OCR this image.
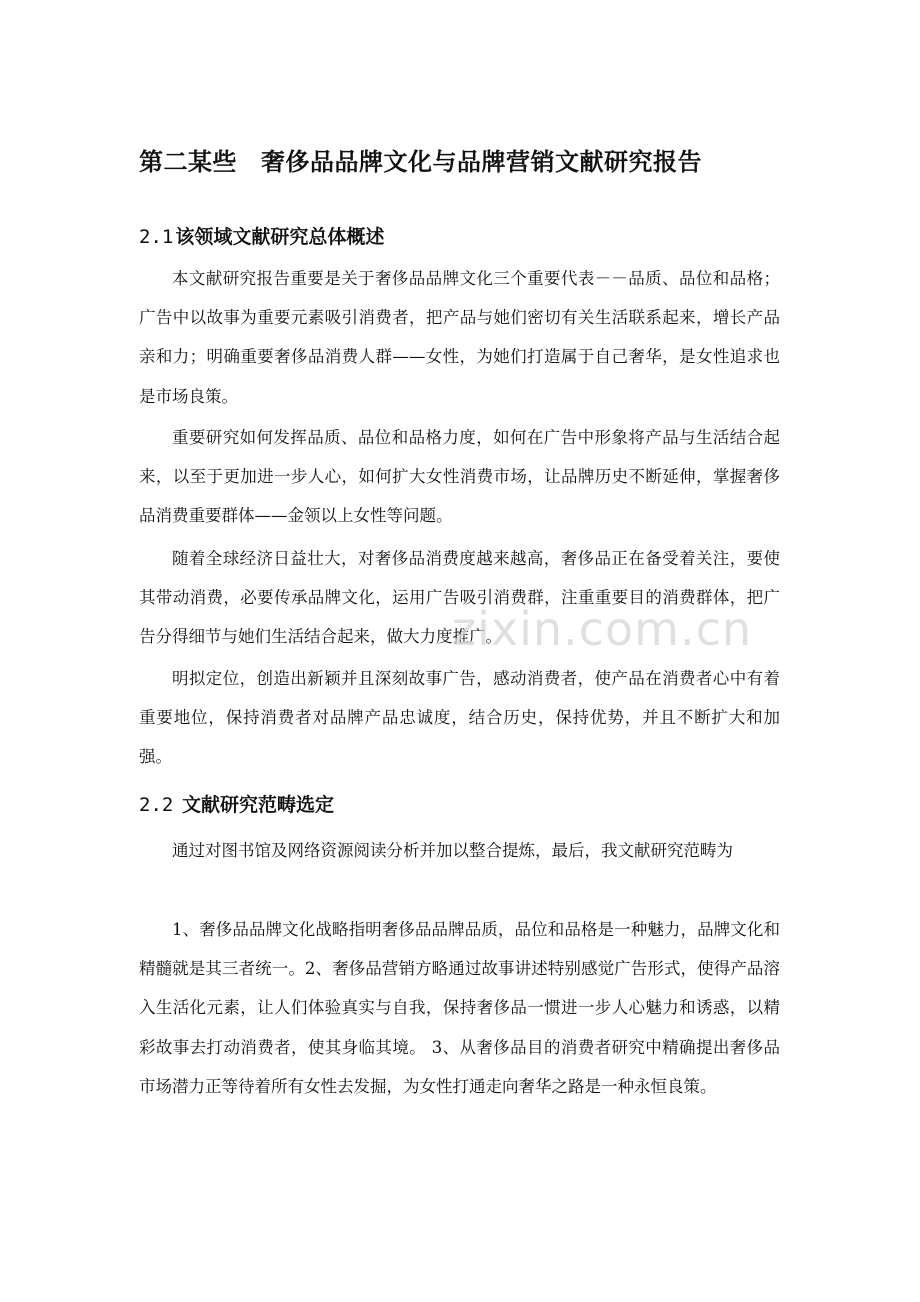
第二某些 奢侈品品牌文化与品牌营销文献研究报告
2.1 该领域文献研究总体概述

本文献研究报告重要是关于奢侈品品牌文化三个重要代表－－品质、品位和品格；广告中以故事为重要元素吸引消费者，把产品与她们密切有关生活联系起来，增长产品亲和力；明确重要奢侈品消费人群——女性，为她们打造属于自己奢华，是女性追求也是市场良策。

重要研究如何发挥品质、品位和品格力度，如何在广告中形象将产品与生活结合起来，以至于更加进一步人心，如何扩大女性消费市场，让品牌历史不断延伸，掌握奢侈品消费重要群体——金领以上女性等问题。

随着全球经济日益壮大，对奢侈品消费度越来越高，奢侈品正在备受着关注，要使其带动消费，必要传承品牌文化，运用广告吸引消费群，注重重要目的消费群体，把广告分得细节与她们生活结合起来，做大力度推广。

明拟定位，创造出新颖并且深刻故事广告，感动消费者，使产品在消费者心中有着重要地位，保持消费者对品牌产品忠诚度，结合历史，保持优势，并且不断扩大和加强。

2.2 文献研究范畴选定

通过对图书馆及网络资源阅读分析并加以整合提炼，最后，我文献研究范畴为

1、奢侈品品牌文化战略指明奢侈品品牌品质，品位和品格是一种魅力，品牌文化和精髓就是其三者统一。2、奢侈品营销方略通过故事讲述特别感觉广告形式，使得产品溶入生活化元素，让人们体验真实与自我，保持奢侈品一惯进一步人心魅力和诱惑，以精彩故事去打动消费者，使其身临其境。 3、从奢侈品目的消费者研究中精确提出奢侈品市场潜力正等待着所有女性去发掘，为女性打通走向奢华之路是一种永恒良策。

zixin.com.cn
